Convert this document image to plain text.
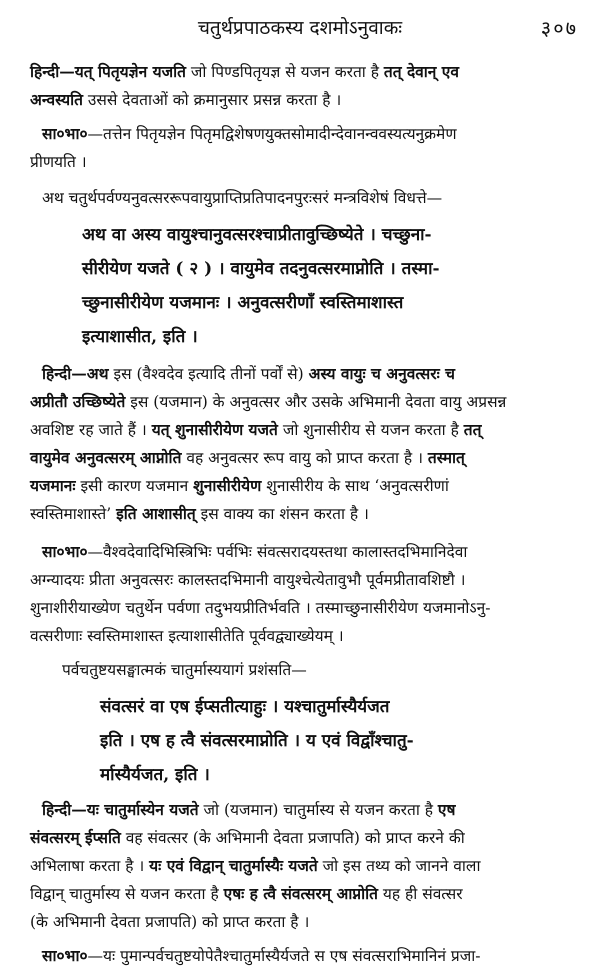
चतुर्थप्रपाठकस्य दशमोऽनुवाकः	३०७
हिन्दी—यत् पितृयज्ञेन यजति जो पिण्डपितृयज्ञ से यजन करता है तत् देवान् एव
अन्वस्यति उससे देवताओं को क्रमानुसार प्रसन्न करता है ।
सा०भा०—तत्तेन पितृयज्ञेन पितृमद्विशेषणयुक्तसोमादीन्देवानन्ववस्यत्यनुक्रमेण
प्रीणयति ।
अथ चतुर्थपर्वण्यनुवत्सररूपवायुप्राप्तिप्रतिपादनपुरःसरं मन्त्रविशेषं विधत्ते—
अथ वा अस्य वायुश्चानुवत्सरश्चाप्रीतावुच्छिष्येते । चच्छुना-
सीरीयेण यजते ( २ ) । वायुमेव तदनुवत्सरमाप्नोति । तस्मा-
च्छुनासीरीयेण यजमानः । अनुवत्सरीणाँ स्वस्तिमाशास्त
इत्याशासीत, इति ।
हिन्दी—अथ इस (वैश्वदेव इत्यादि तीनों पर्वों से) अस्य वायुः च अनुवत्सरः च
अप्रीतौ उच्छिष्येते इस (यजमान) के अनुवत्सर और उसके अभिमानी देवता वायु अप्रसन्न
अवशिष्ट रह जाते हैं । यत् शुनासीरीयेण यजते जो शुनासीरीय से यजन करता है तत्
वायुमेव अनुवत्सरम् आप्नोति वह अनुवत्सर रूप वायु को प्राप्त करता है । तस्मात्
यजमानः इसी कारण यजमान शुनासीरीयेण शुनासीरीय के साथ ‘अनुवत्सरीणां
स्वस्तिमाशास्ते’ इति आशासीत् इस वाक्य का शंसन करता है ।
सा०भा०—वैश्वदेवादिभिस्त्रिभिः पर्वभिः संवत्सरादयस्तथा कालास्तदभिमानिदेवा
अग्न्यादयः प्रीता अनुवत्सरः कालस्तदभिमानी वायुश्चेत्येतावुभौ पूर्वमप्रीतावशिष्टौ ।
शुनाशीरीयाख्येण चतुर्थेन पर्वणा तदुभयप्रीतिर्भवति । तस्माच्छुनासीरीयेण यजमानोऽनु-
वत्सरीणाः स्वस्तिमाशास्त इत्याशासीतेति पूर्ववद्व्याख्येयम् ।
पर्वचतुष्टयसङ्घात्मकं चातुर्मास्ययागं प्रशंसति—
संवत्सरं वा एष ईप्सतीत्याहुः । यश्चातुर्मास्यैर्यजत
इति । एष ह त्वै संवत्सरमाप्नोति । य एवं विद्वाँश्चातु-
र्मास्यैर्यजत, इति ।
हिन्दी—यः चातुर्मास्येन यजते जो (यजमान) चातुर्मास्य से यजन करता है एष
संवत्सरम् ईप्सति वह संवत्सर (के अभिमानी देवता प्रजापति) को प्राप्त करने की
अभिलाषा करता है । यः एवं विद्वान् चातुर्मास्यैः यजते जो इस तथ्य को जानने वाला
विद्वान् चातुर्मास्य से यजन करता है एषः ह त्वै संवत्सरम् आप्नोति यह ही संवत्सर
(के अभिमानी देवता प्रजापति) को प्राप्त करता है ।
सा०भा०—यः पुमान्पर्वचतुष्टयोपेतैश्चातुर्मास्यैर्यजते स एष संवत्सराभिमानिनं प्रजा-
